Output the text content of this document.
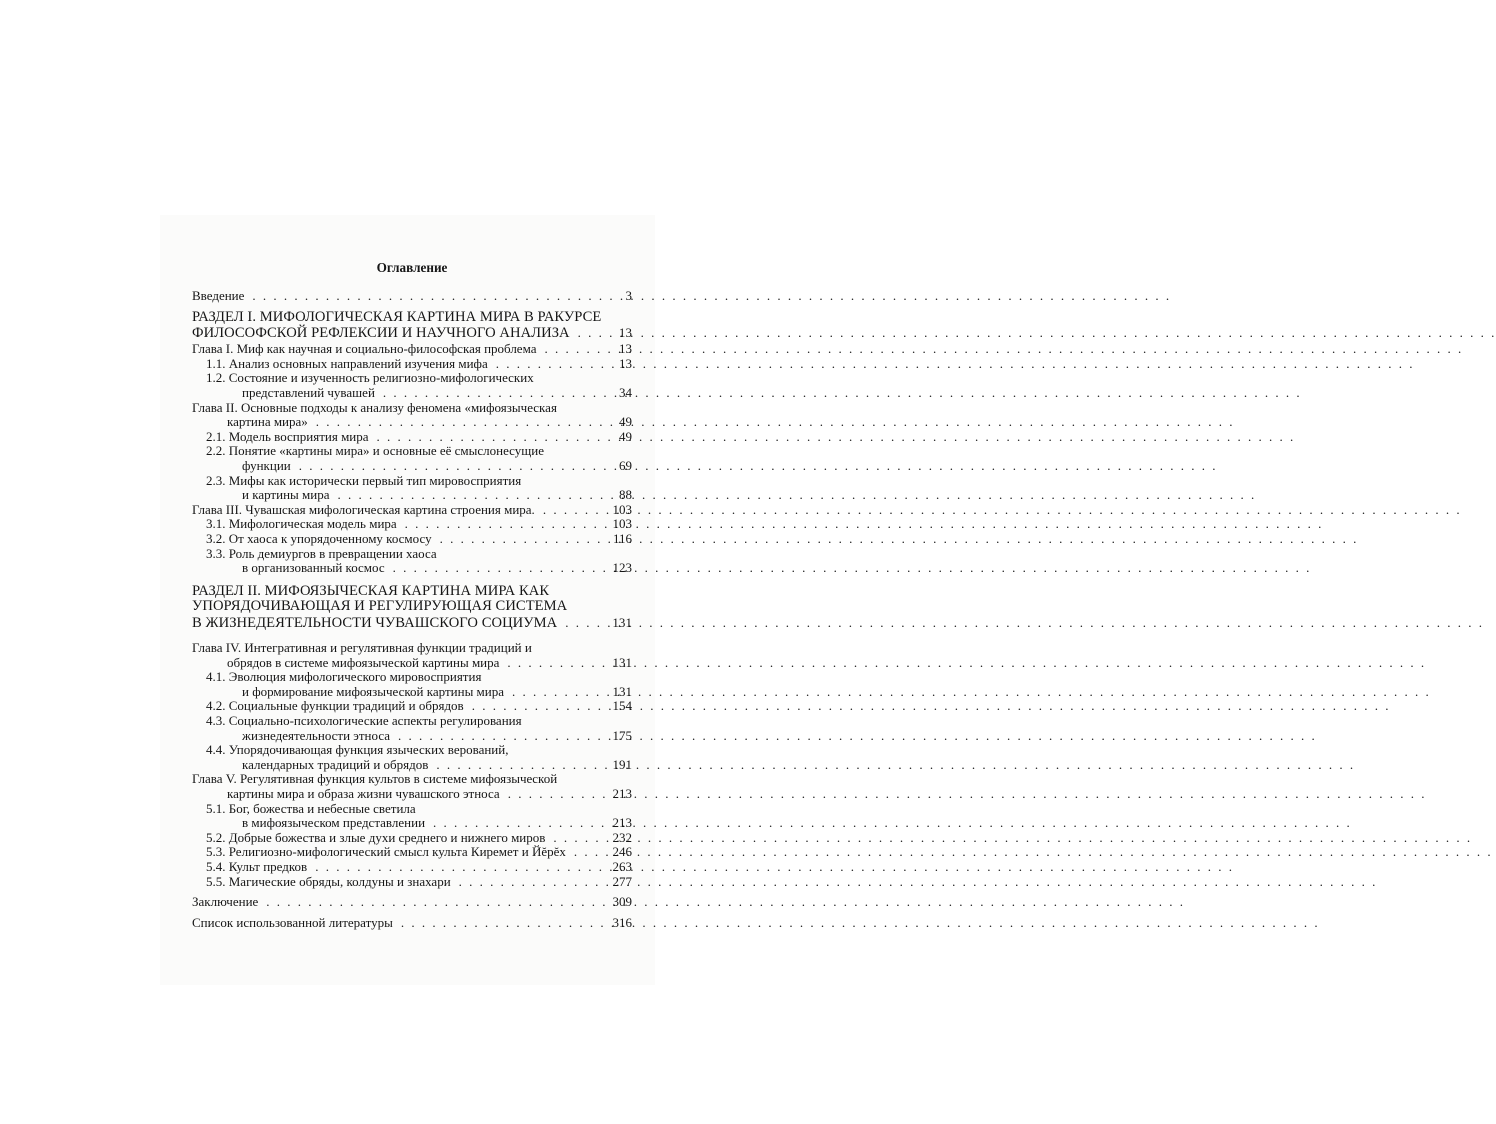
Оглавление
Введение . . .	3
РАЗДЕЛ I. МИФОЛОГИЧЕСКАЯ КАРТИНА МИРА В РАКУРСЕ
ФИЛОСОФСКОЙ РЕФЛЕКСИИ И НАУЧНОГО АНАЛИЗА . . .	13
Глава I. Миф как научная и социально-философская проблема . . .	13
1.1. Анализ основных направлений изучения мифа . . .	13
1.2. Состояние и изученность религиозно-мифологических
представлений чувашей . . .	34
Глава II. Основные подходы к анализу феномена «мифоязыческая
картина мира» . . .	49
2.1. Модель восприятия мира . . .	49
2.2. Понятие «картины мира» и основные её смыслонесущие
функции . . .	69
2.3. Мифы как исторически первый тип мировосприятия
и картины мира . . .	88
Глава III. Чувашская мифологическая картина строения мира. . . .	103
3.1. Мифологическая модель мира . . .	103
3.2. От хаоса к упорядоченному космосу . . .	116
3.3. Роль демиургов в превращении хаоса
в организованный космос . . .	123
РАЗДЕЛ II. МИФОЯЗЫЧЕСКАЯ КАРТИНА МИРА КАК
УПОРЯДОЧИВАЮЩАЯ И РЕГУЛИРУЮЩАЯ СИСТЕМА
В ЖИЗНЕДЕЯТЕЛЬНОСТИ ЧУВАШСКОГО СОЦИУМА . . .	131
Глава IV. Интегративная и регулятивная функции традиций и
обрядов в системе мифоязыческой картины мира . . .	131
4.1. Эволюция мифологического мировосприятия
и формирование мифоязыческой картины мира . . .	131
4.2. Социальные функции традиций и обрядов . . .	154
4.3. Социально-психологические аспекты регулирования
жизнедеятельности этноса . . .	175
4.4. Упорядочивающая функция языческих верований,
календарных традиций и обрядов . . .	191
Глава V. Регулятивная функция культов в системе мифоязычеcкой
картины мира и образа жизни чувашского этноса . . .	213
5.1. Бог, божества и небесные светила
в мифоязыческом представлении . . .	213
5.2. Добрые божества и злые духи среднего и нижнего миров . . .	232
5.3. Религиозно-мифологический смысл культа Киремет и Йĕрĕх . . .	246
5.4. Культ предков . . .	263
5.5. Магические обряды, колдуны и знахари . . .	277
Заключение . . .	309
Список использованной литературы . . .	316
